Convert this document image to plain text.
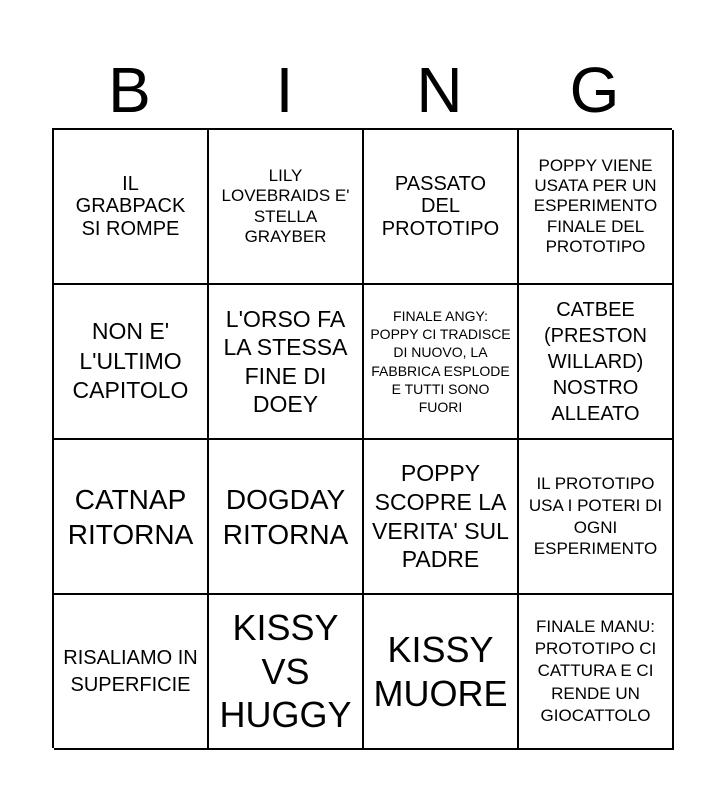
B	I	N	G
IL GRABPACK SI ROMPE
LILY LOVEBRAIDS E' STELLA GRAYBER
PASSATO DEL PROTOTIPO
POPPY VIENE USATA PER UN ESPERIMENTO FINALE DEL PROTOTIPO
NON E' L'ULTIMO CAPITOLO
L'ORSO FA LA STESSA FINE DI DOEY
FINALE ANGY: POPPY CI TRADISCE DI NUOVO, LA FABBRICA ESPLODE E TUTTI SONO FUORI
CATBEE (PRESTON WILLARD) NOSTRO ALLEATO
CATNAP RITORNA
DOGDAY RITORNA
POPPY SCOPRE LA VERITA' SUL PADRE
IL PROTOTIPO USA I POTERI DI OGNI ESPERIMENTO
RISALIAMO IN SUPERFICIE
KISSY VS HUGGY
KISSY MUORE
FINALE MANU: PROTOTIPO CI CATTURA E CI RENDE UN GIOCATTOLO
